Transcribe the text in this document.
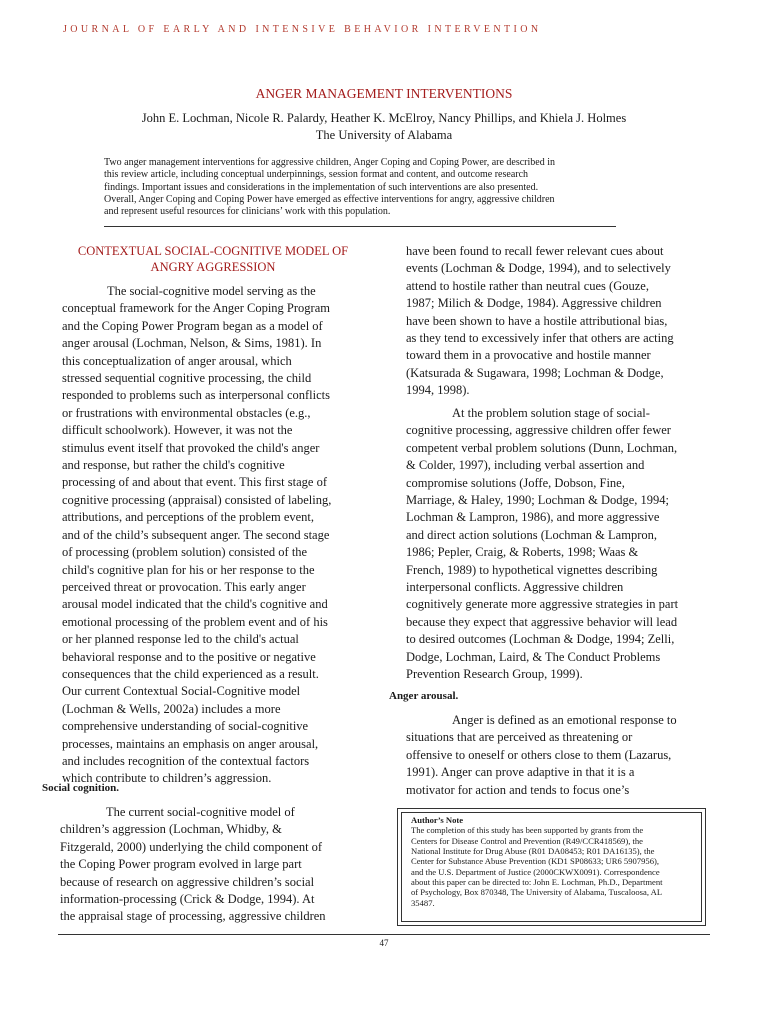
JOURNAL OF EARLY AND INTENSIVE BEHAVIOR INTERVENTION
ANGER MANAGEMENT INTERVENTIONS
John E. Lochman, Nicole R. Palardy, Heather K. McElroy, Nancy Phillips, and Khiela J. Holmes
The University of Alabama
Two anger management interventions for aggressive children, Anger Coping and Coping Power, are described in
this review article, including conceptual underpinnings, session format and content, and outcome research
findings. Important issues and considerations in the implementation of such interventions are also presented.
Overall, Anger Coping and Coping Power have emerged as effective interventions for angry, aggressive children
and represent useful resources for clinicians’ work with this population.
CONTEXTUAL SOCIAL-COGNITIVE MODEL OF
ANGRY AGGRESSION
The social-cognitive model serving as the
conceptual framework for the Anger Coping Program
and the Coping Power Program began as a model of
anger arousal (Lochman, Nelson, & Sims, 1981). In
this conceptualization of anger arousal, which
stressed sequential cognitive processing, the child
responded to problems such as interpersonal conflicts
or frustrations with environmental obstacles (e.g.,
difficult schoolwork). However, it was not the
stimulus event itself that provoked the child's anger
and response, but rather the child's cognitive
processing of and about that event. This first stage of
cognitive processing (appraisal) consisted of labeling,
attributions, and perceptions of the problem event,
and of the child’s subsequent anger. The second stage
of processing (problem solution) consisted of the
child's cognitive plan for his or her response to the
perceived threat or provocation. This early anger
arousal model indicated that the child's cognitive and
emotional processing of the problem event and of his
or her planned response led to the child's actual
behavioral response and to the positive or negative
consequences that the child experienced as a result.
Our current Contextual Social-Cognitive model
(Lochman & Wells, 2002a) includes a more
comprehensive understanding of social-cognitive
processes, maintains an emphasis on anger arousal,
and includes recognition of the contextual factors
which contribute to children’s aggression.
Social cognition.
The current social-cognitive model of
children’s aggression (Lochman, Whidby, &
Fitzgerald, 2000) underlying the child component of
the Coping Power program evolved in large part
because of research on aggressive children’s social
information-processing (Crick & Dodge, 1994). At
the appraisal stage of processing, aggressive children
have been found to recall fewer relevant cues about
events (Lochman & Dodge, 1994), and to selectively
attend to hostile rather than neutral cues (Gouze,
1987; Milich & Dodge, 1984). Aggressive children
have been shown to have a hostile attributional bias,
as they tend to excessively infer that others are acting
toward them in a provocative and hostile manner
(Katsurada & Sugawara, 1998; Lochman & Dodge,
1994, 1998).
At the problem solution stage of social-
cognitive processing, aggressive children offer fewer
competent verbal problem solutions (Dunn, Lochman,
& Colder, 1997), including verbal assertion and
compromise solutions (Joffe, Dobson, Fine,
Marriage, & Haley, 1990; Lochman & Dodge, 1994;
Lochman & Lampron, 1986), and more aggressive
and direct action solutions (Lochman & Lampron,
1986; Pepler, Craig, & Roberts, 1998; Waas &
French, 1989) to hypothetical vignettes describing
interpersonal conflicts. Aggressive children
cognitively generate more aggressive strategies in part
because they expect that aggressive behavior will lead
to desired outcomes (Lochman & Dodge, 1994; Zelli,
Dodge, Lochman, Laird, & The Conduct Problems
Prevention Research Group, 1999).
Anger arousal.
Anger is defined as an emotional response to
situations that are perceived as threatening or
offensive to oneself or others close to them (Lazarus,
1991). Anger can prove adaptive in that it is a
motivator for action and tends to focus one’s
Author’s Note
The completion of this study has been supported by grants from the
Centers for Disease Control and Prevention (R49/CCR418569), the
National Institute for Drug Abuse (R01 DA08453; R01 DA16135), the
Center for Substance Abuse Prevention (KD1 SP08633; UR6 5907956),
and the U.S. Department of Justice (2000CKWX0091). Correspondence
about this paper can be directed to: John E. Lochman, Ph.D., Department
of Psychology, Box 870348, The University of Alabama, Tuscaloosa, AL
35487.
47
